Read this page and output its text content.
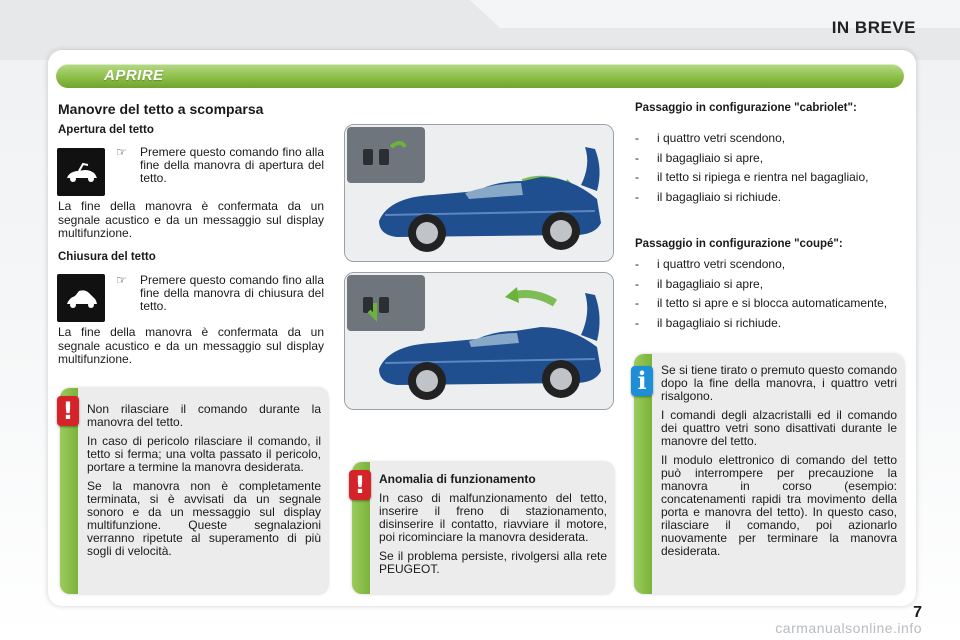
IN BREVE
APRIRE
Manovre del tetto a scomparsa
Apertura del tetto
☞	Premere questo comando fino alla fine della manovra di apertura del tetto.
La fine della manovra è confermata da un segnale acustico e da un messaggio sul display multifunzione.
Chiusura del tetto
☞	Premere questo comando fino alla fine della manovra di chiusura del tetto.
La fine della manovra è confermata da un segnale acustico e da un messaggio sul display multifunzione.

Non rilasciare il comando durante la manovra del tetto.

In caso di pericolo rilasciare il comando, il tetto si ferma; una volta passato il pericolo, portare a termine la manovra desiderata.

Se la manovra non è completamente terminata, si è avvisati da un segnale sonoro e da un messaggio sul display multifunzione. Queste segnalazioni verranno ripetute al superamento di più sogli di velocità.

!

Anomalia di funzionamento

In caso di malfunzionamento del tetto, inserire il freno di stazionamento, disinserire il contatto, riavviare il motore, poi ricominciare la manovra desiderata.

Se il problema persiste, rivolgersi alla rete PEUGEOT.

!
Passaggio in configurazione "cabriolet":
-	i quattro vetri scendono,
-	il bagagliaio si apre,
-	il tetto si ripiega e rientra nel bagagliaio,
-	il bagagliaio si richiude.
Passaggio in configurazione "coupé":
-	i quattro vetri scendono,
-	il bagagliaio si apre,
-	il tetto si apre e si blocca automaticamente,
-	il bagagliaio si richiude.

Se si tiene tirato o premuto questo comando dopo la fine della manovra, i quattro vetri risalgono.

I comandi degli alzacristalli ed il comando dei quattro vetri sono disattivati durante le manovre del tetto.

Il modulo elettronico di comando del tetto può interrompere per precauzione la manovra in corso (esempio: concatenamenti rapidi tra movimento della porta e manovra del tetto). In questo caso, rilasciare il comando, poi azionarlo nuovamente per terminare la manovra desiderata.

i
7
carmanualsonline.info
